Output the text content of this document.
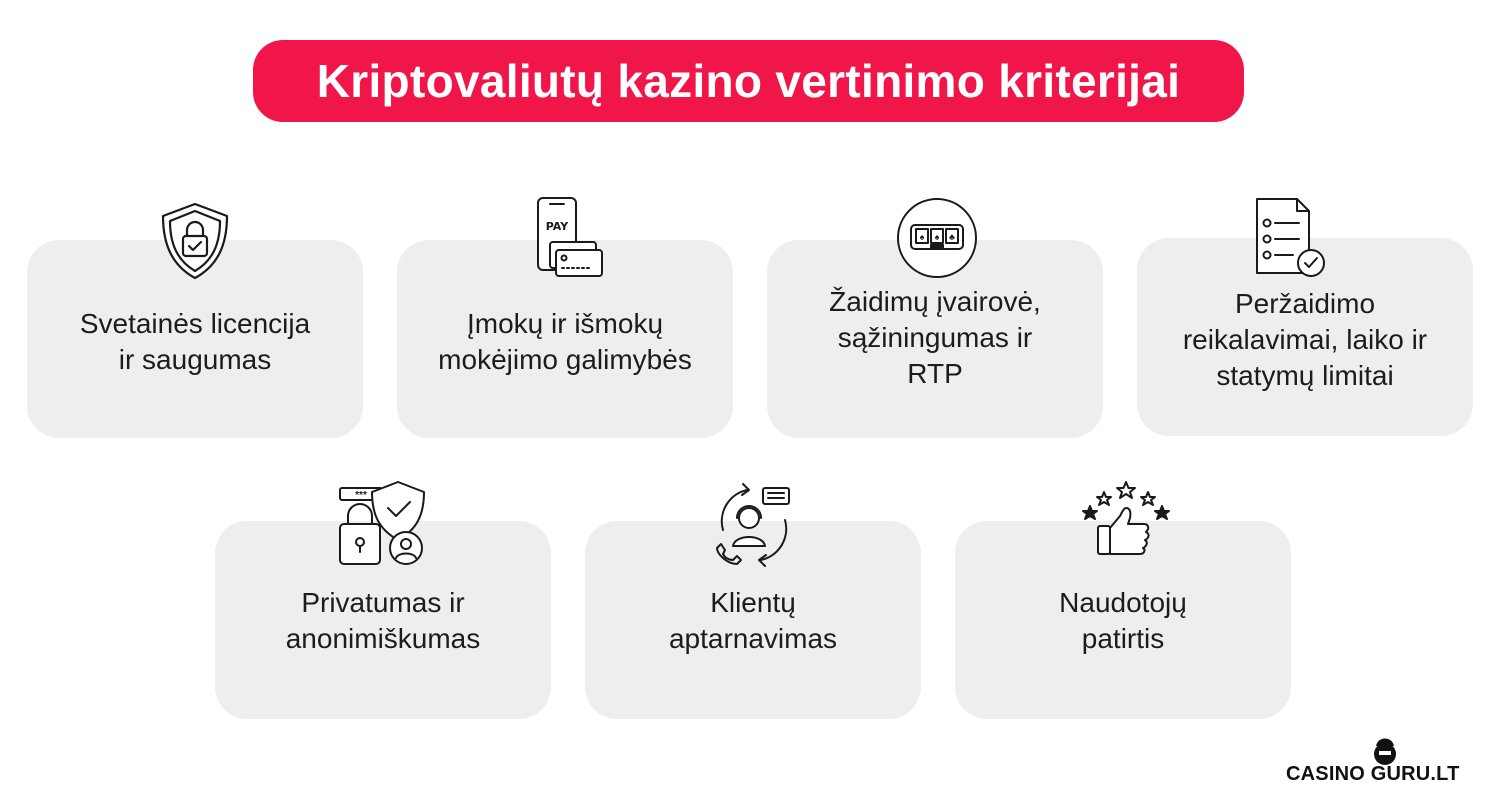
Kriptovaliutų kazino vertinimo kriterijai
Svetainės licencija
ir saugumas
Įmokų ir išmokų
mokėjimo galimybės
Žaidimų įvairovė,
sąžiningumas ir
RTP
Peržaidimo
reikalavimai, laiko ir
statymų limitai
Privatumas ir
anonimiškumas
Klientų
aptarnavimas
Naudotojų
patirtis
PAY
♠ ♠ ♣
***
CASINO GURU.LT
